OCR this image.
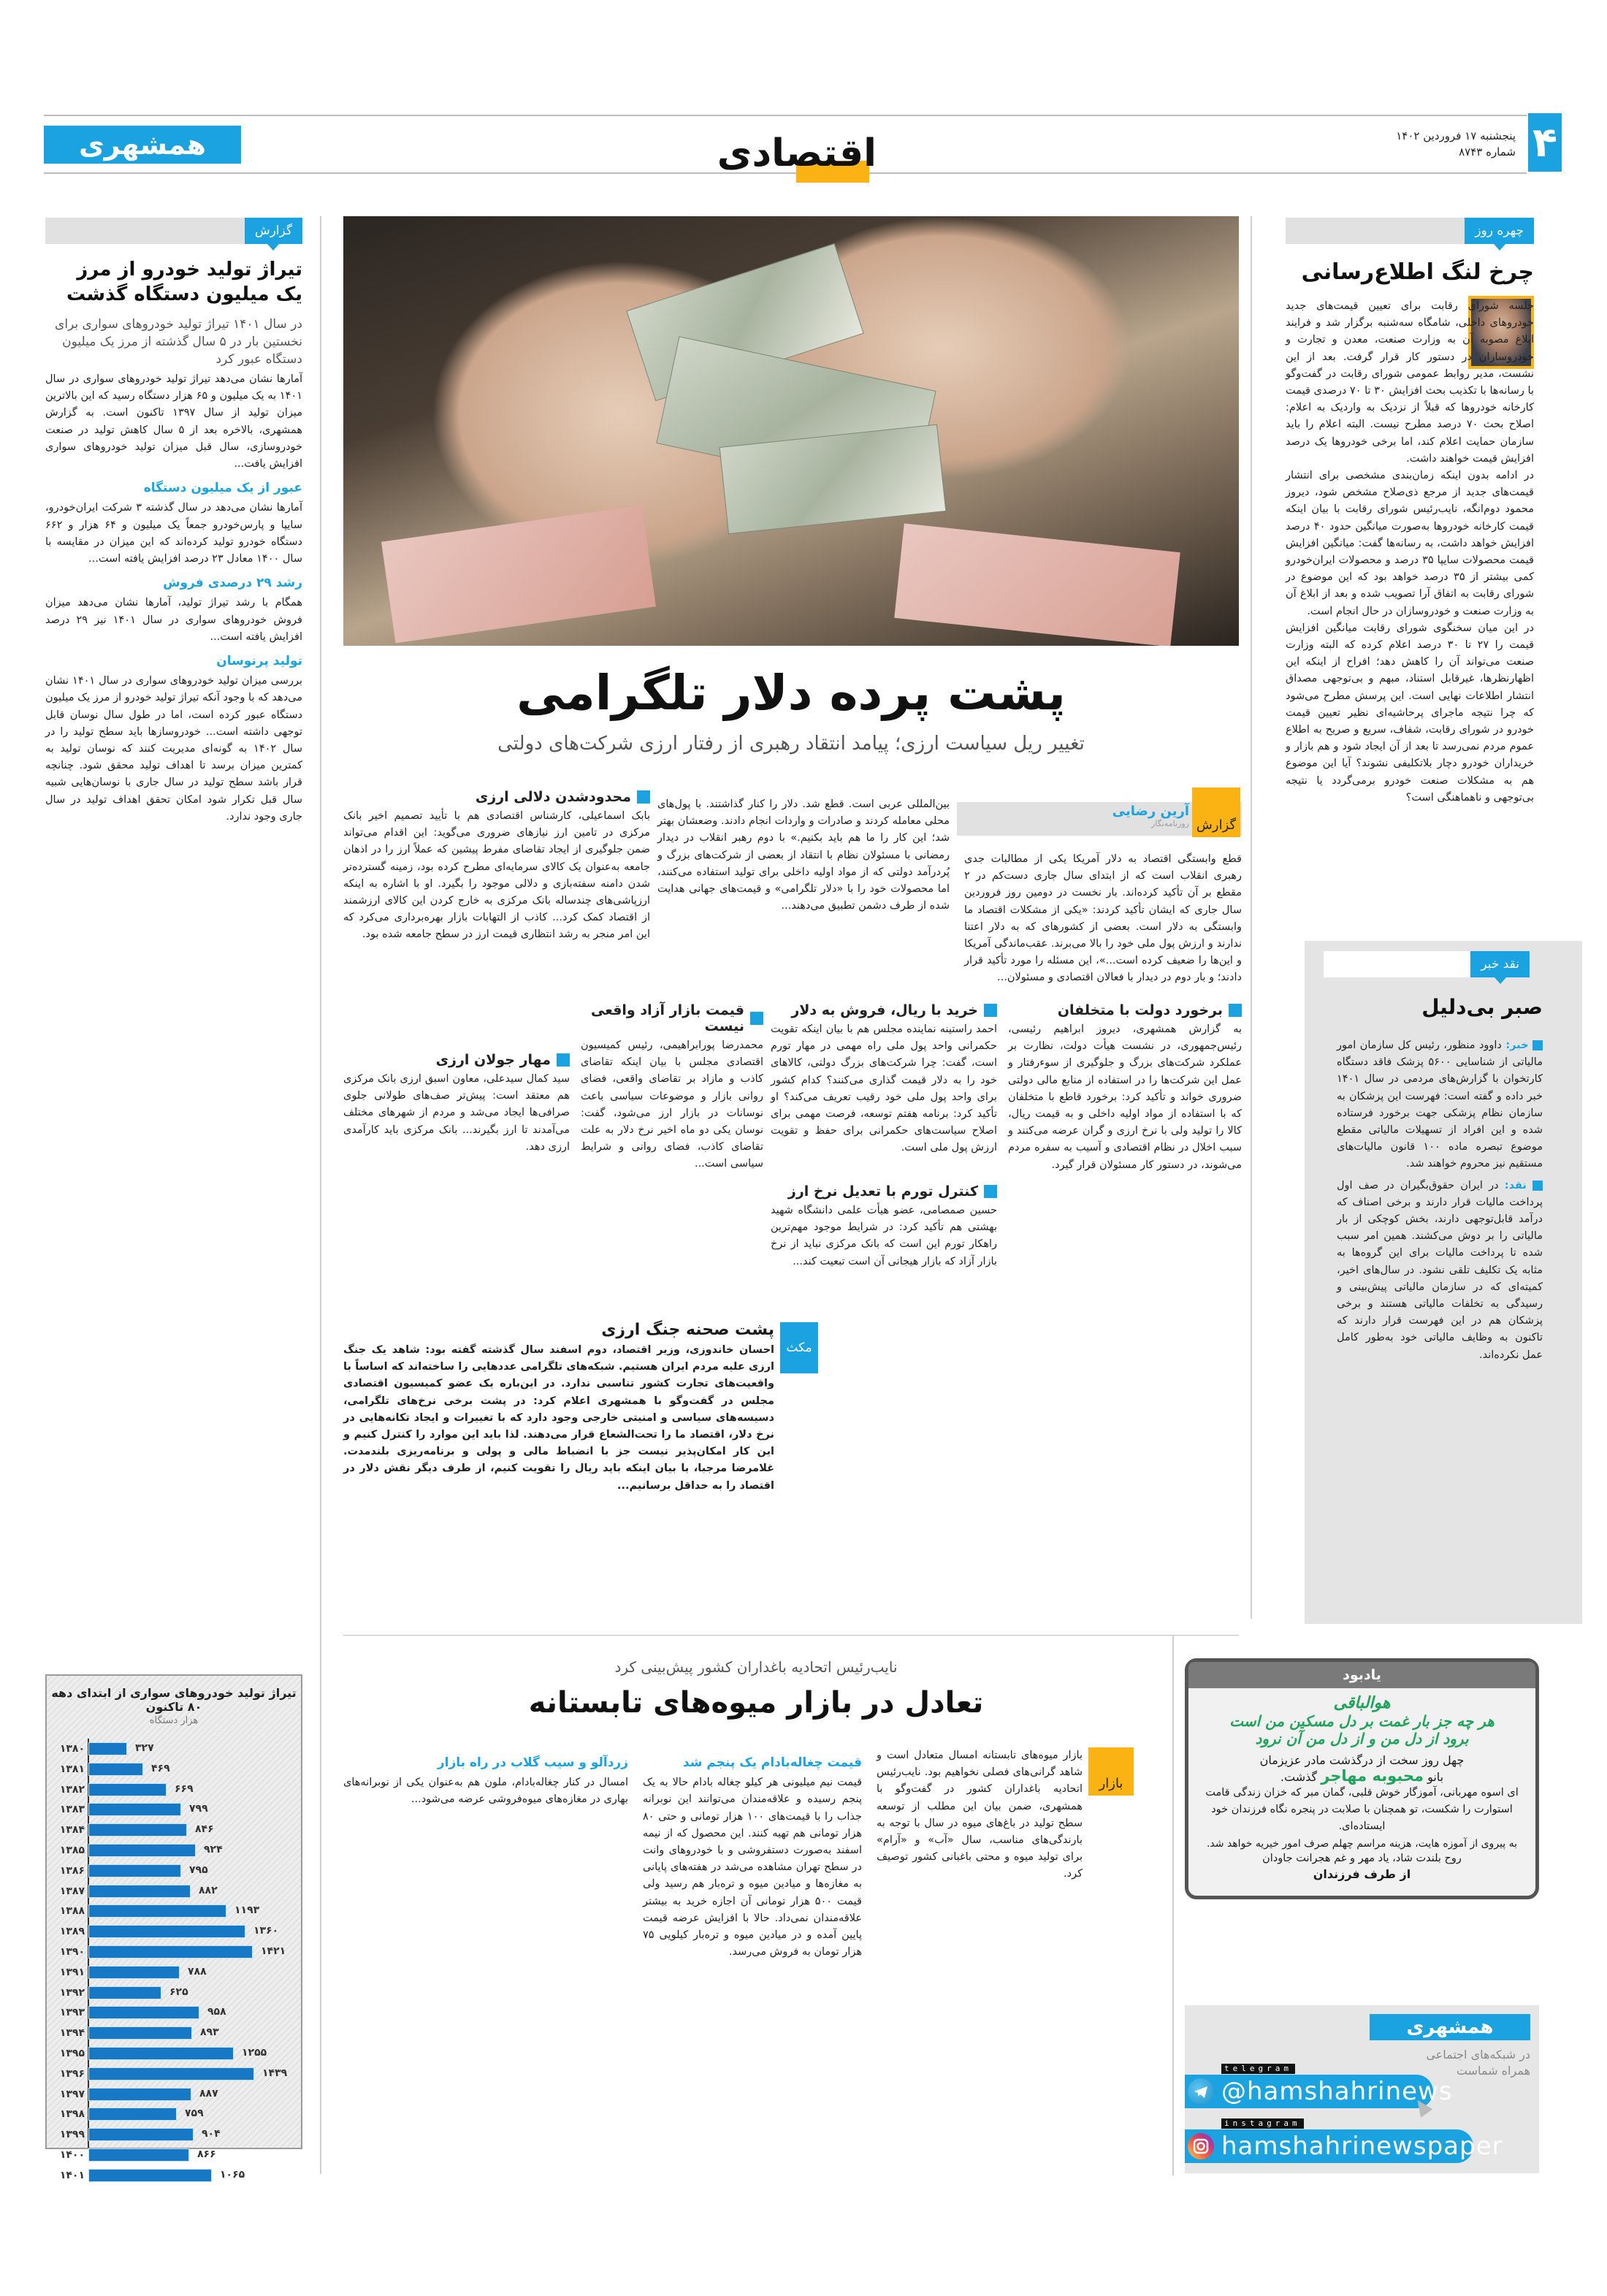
۴
پنجشنبه ۱۷ فروردین ۱۴۰۲
شماره ۸۷۴۳
اقتصادی
همشهری
چهره روز
چرخ لنگ اطلاع‌رسانی

جلسه شورای رقابت برای تعیین قیمت‌های جدید خودروهای داخلی، شامگاه سه‌شنبه برگزار شد و فرایند ابلاغ مصوبه آن به وزارت صنعت، معدن و تجارت و خودروسازان در دستور کار قرار گرفت. بعد از این نشست، مدیر روابط عمومی شورای رقابت در گفت‌وگو با رسانه‌ها با تکذیب بحث افزایش ۳۰ تا ۷۰ درصدی قیمت کارخانه خودروها که قبلاً از نزدیک به واردیک به اعلام: اصلاح بحث ۷۰ درصد مطرح نیست. البته اعلام را باید سازمان حمایت اعلام کند، اما برخی خودروها یک درصد افزایش قیمت خواهند داشت.

در ادامه بدون اینکه زمان‌بندی مشخصی برای انتشار قیمت‌های جدید از مرجع ذی‌صلاح مشخص شود، دیروز محمود دوم‌انگه، نایب‌رئیس شورای رقابت با بیان اینکه قیمت کارخانه خودروها به‌صورت میانگین حدود ۴۰ درصد افزایش خواهد داشت، به رسانه‌ها گفت: میانگین افزایش قیمت محصولات سایپا ۳۵ درصد و محصولات ایران‌خودرو کمی بیشتر از ۳۵ درصد خواهد بود که این موضوع در شورای رقابت به اتفاق آرا تصویب شده و بعد از ابلاغ آن به وزارت صنعت و خودروسازان در حال انجام است.

در این میان سخنگوی شورای رقابت میانگین افزایش قیمت را ۲۷ تا ۳۰ درصد اعلام کرده که البته وزارت صنعت می‌تواند آن را کاهش دهد؛ افراح از اینکه این اظهارنظرها، غیرقابل استناد، مبهم و بی‌توجهی مصداق انتشار اطلاعات نهایی است. این پرسش مطرح می‌شود که چرا نتیجه ماجرای پرحاشیه‌ای نظیر تعیین قیمت خودرو در شورای رقابت، شفاف، سریع و صریح به اطلاع عموم مردم نمی‌رسد تا بعد از آن ایجاد شود و هم بازار و خریداران خودرو دچار بلاتکلیفی نشوند؟ آیا این موضوع هم به مشکلات صنعت خودرو برمی‌گردد یا نتیجه بی‌توجهی و ناهماهنگی است؟

نقد خبر
صبر بی‌دلیل

خبر: داوود منظور، رئیس کل سازمان امور مالیاتی از شناسایی ۵۶۰۰ پزشک فاقد دستگاه کارتخوان با گزارش‌های مردمی در سال ۱۴۰۱ خبر داده و گفته است: فهرست این پزشکان به سازمان نظام پزشکی جهت برخورد فرستاده شده و این افراد از تسهیلات مالیاتی مقطع موضوع تبصره ماده ۱۰۰ قانون مالیات‌های مستقیم نیز محروم خواهند شد.

نقد: در ایران حقوق‌بگیران در صف اول پرداخت مالیات قرار دارند و برخی اصناف که درآمد قابل‌توجهی دارند، بخش کوچکی از بار مالیاتی را بر دوش می‌کشند. همین امر سبب شده تا پرداخت مالیات برای این گروه‌ها به مثابه یک تکلیف تلقی نشود. در سال‌های اخیر، کمیته‌ای که در سازمان مالیاتی پیش‌بینی و رسیدگی به تخلفات مالیاتی هستند و برخی پزشکان هم در این فهرست قرار دارند که تاکنون به وظایف مالیاتی خود به‌طور کامل عمل نکرده‌اند.

پشت پرده دلار تلگرامی
تغییر ریل سیاست ارزی؛ پیامد انتقاد رهبری از رفتار ارزی شرکت‌های دولتی
گزارش
آرین رضایی
روزنامه‌نگار
قطع وابستگی اقتصاد به دلار آمریکا یکی از مطالبات جدی رهبری انقلاب است که از ابتدای سال جاری دست‌کم در ۲ مقطع بر آن تأکید کرده‌اند. بار نخست در دومین روز فروردین سال جاری که ایشان تأکید کردند: «یکی از مشکلات اقتصاد ما وابستگی به دلار است. بعضی از کشورهای که به دلار اعتنا ندارند و ارزش پول ملی خود را بالا می‌برند. عقب‌ماندگی آمریکا و این‌ها را ضعیف کرده است...»، این مسئله را مورد تأکید قرار دادند؛ و بار دوم در دیدار با فعالان اقتصادی و مسئولان...
بین‌المللی عربی است. قطع شد. دلار را کنار گذاشتند. با پول‌های محلی معامله کردند و صادرات و واردات انجام دادند. وضعشان بهتر شد؛ این کار را ما هم باید بکنیم.» با دوم رهبر انقلاب در دیدار رمضانی با مسئولان نظام با انتقاد از بعضی از شرکت‌های بزرگ و پُردرآمد دولتی که از مواد اولیه داخلی برای تولید استفاده می‌کنند، اما محصولات خود را با «دلار تلگرامی» و قیمت‌های جهانی هدایت شده از طرف دشمن تطبیق می‌دهند...
محدودشدن دلالی ارزی
بابک اسماعیلی، کارشناس اقتصادی هم با تأیید تصمیم اخیر بانک مرکزی در تامین ارز نیازهای ضروری می‌گوید: این اقدام می‌تواند ضمن جلوگیری از ایجاد تقاضای مفرط پیشین که عملاً ارز را در اذهان جامعه به‌عنوان یک کالای سرمایه‌ای مطرح کرده بود، زمینه گسترده‌تر شدن دامنه سفته‌بازی و دلالی موجود را بگیرد. او با اشاره به اینکه ارزپاشی‌های چندساله بانک مرکزی به خارج کردن این کالای ارزشمند از اقتصاد کمک کرد... کاذب از التهابات بازار بهره‌برداری می‌کرد که این امر منجر به رشد انتظاری قیمت ارز در سطح جامعه شده بود.
برخورد دولت با متخلفان
به گزارش همشهری، دیروز ابراهیم رئیسی، رئیس‌جمهوری، در نشست هیأت دولت، نظارت بر عملکرد شرکت‌های بزرگ و جلوگیری از سوءرفتار و عمل این شرکت‌ها را در استفاده از منابع مالی دولتی ضروری خواند و تأکید کرد: برخورد قاطع با متخلفان که با استفاده از مواد اولیه داخلی و به قیمت ریال، کالا را تولید ولی با نرخ ارزی و گران عرضه می‌کنند و سبب اخلال در نظام اقتصادی و آسیب به سفره مردم می‌شوند، در دستور کار مسئولان قرار گیرد.
خرید با ریال، فروش به دلار
احمد راستینه نماینده مجلس هم با بیان اینکه تقویت حکمرانی واحد پول ملی راه مهمی در مهار تورم است، گفت: چرا شرکت‌های بزرگ دولتی، کالاهای خود را به دلار قیمت گذاری می‌کنند؟ کدام کشور برای واحد پول ملی خود رقیب تعریف می‌کند؟ او تأکید کرد: برنامه هفتم توسعه، فرصت مهمی برای اصلاح سیاست‌های حکمرانی برای حفظ و تقویت ارزش پول ملی است.
کنترل تورم با تعدیل نرخ ارز
حسین صمصامی، عضو هیأت علمی دانشگاه شهید بهشتی هم تأکید کرد: در شرایط موجود مهم‌ترین راهکار تورم این است که بانک مرکزی نباید از نرخ بازار آزاد که بازار هیجانی آن است تبعیت کند...
قیمت بازار آزاد واقعی نیست
محمدرضا پورابراهیمی، رئیس کمیسیون اقتصادی مجلس با بیان اینکه تقاضای کاذب و مازاد بر تقاضای واقعی، فضای روانی بازار و موضوعات سیاسی باعث نوسانات در بازار ارز می‌شود، گفت: نوسان یکی دو ماه اخیر نرخ دلار به علت تقاضای کاذب، فضای روانی و شرایط سیاسی است...
مهار جولان ارزی
سید کمال سیدعلی، معاون اسبق ارزی بانک مرکزی هم معتقد است: پیش‌تر صف‌های طولانی جلوی صرافی‌ها ایجاد می‌شد و مردم از شهرهای مختلف می‌آمدند تا ارز بگیرند... بانک مرکزی باید کارآمدی ارزی دهد.
مکث
پشت صحنه جنگ ارزی
احسان خاندوزی، وزیر اقتصاد، دوم اسفند سال گذشته گفته بود: شاهد یک جنگ ارزی علیه مردم ایران هستیم. شبکه‌های تلگرامی عددهایی را ساخته‌اند که اساساً با واقعیت‌های تجارت کشور تناسبی ندارد. در این‌باره یک عضو کمیسیون اقتصادی مجلس در گفت‌وگو با همشهری اعلام کرد: در پشت برخی نرخ‌های تلگرامی، دسیسه‌های سیاسی و امنیتی خارجی وجود دارد که با تغییرات و ایجاد تکانه‌هایی در نرخ دلار، اقتصاد ما را تحت‌الشعاع قرار می‌دهند. لذا باید این موارد را کنترل کنیم و این کار امکان‌پذیر نیست جز با انضباط مالی و پولی و برنامه‌ریزی بلندمدت. غلامرضا مرجبا، با بیان اینکه باید ریال را تقویت کنیم، از طرف دیگر نقش دلار در اقتصاد را به حداقل برسانیم...
گزارش
تیراژ تولید خودرو از مرز یک میلیون دستگاه گذشت
در سال ۱۴۰۱ تیراژ تولید خودروهای سواری برای نخستین بار در ۵ سال گذشته از مرز یک میلیون دستگاه عبور کرد

آمارها نشان می‌دهد تیراژ تولید خودروهای سواری در سال ۱۴۰۱ به یک میلیون و ۶۵ هزار دستگاه رسید که این بالاترین میزان تولید از سال ۱۳۹۷ تاکنون است. به گزارش همشهری، بالاخره بعد از ۵ سال کاهش تولید در صنعت خودروسازی، سال قبل میزان تولید خودروهای سواری افزایش یافت...

عبور از یک میلیون دستگاه

آمارها نشان می‌دهد در سال گذشته ۳ شرکت ایران‌خودرو، سایپا و پارس‌خودرو جمعاً یک میلیون و ۶۴ هزار و ۶۶۲ دستگاه خودرو تولید کرده‌اند که این میزان در مقایسه با سال ۱۴۰۰ معادل ۲۳ درصد افزایش یافته است...

رشد ۲۹ درصدی فروش

همگام با رشد تیراژ تولید، آمارها نشان می‌دهد میزان فروش خودروهای سواری در سال ۱۴۰۱ نیز ۲۹ درصد افزایش یافته است...

تولید پرنوسان

بررسی میزان تولید خودروهای سواری در سال ۱۴۰۱ نشان می‌دهد که با وجود آنکه تیراژ تولید خودرو از مرز یک میلیون دستگاه عبور کرده است، اما در طول سال نوسان قابل توجهی داشته است... خودروسازها باید سطح تولید را در سال ۱۴۰۲ به گونه‌ای مدیریت کنند که نوسان تولید به کمترین میزان برسد تا اهداف تولید محقق شود. چنانچه قرار باشد سطح تولید در سال جاری با نوسان‌هایی شبیه سال قبل تکرار شود امکان تحقق اهداف تولید در سال جاری وجود ندارد.

تیراژ تولید خودروهای سواری از ابتدای دهه ۸۰ تاکنون
هزار دستگاه
۱۳۸۰	۳۲۷
۱۳۸۱	۴۶۹
۱۳۸۲	۶۶۹
۱۳۸۳	۷۹۹
۱۳۸۴	۸۴۶
۱۳۸۵	۹۲۴
۱۳۸۶	۷۹۵
۱۳۸۷	۸۸۲
۱۳۸۸	۱۱۹۳
۱۳۸۹	۱۳۶۰
۱۳۹۰	۱۴۲۱
۱۳۹۱	۷۸۸
۱۳۹۲	۶۲۵
۱۳۹۳	۹۵۸
۱۳۹۴	۸۹۳
۱۳۹۵	۱۲۵۵
۱۳۹۶	۱۴۳۹
۱۳۹۷	۸۸۷
۱۳۹۸	۷۵۹
۱۳۹۹	۹۰۴
۱۴۰۰	۸۶۶
۱۴۰۱	۱۰۶۵
نایب‌رئیس اتحادیه باغداران کشور پیش‌بینی کرد
تعادل در بازار میوه‌های تابستانه
بازار

بازار میوه‌های تابستانه امسال متعادل است و شاهد گرانی‌های فصلی نخواهیم بود. نایب‌رئیس اتحادیه باغداران کشور در گفت‌وگو با همشهری، ضمن بیان این مطلب از توسعه سطح تولید در باغ‌های میوه در سال با توجه به بارندگی‌های مناسب، سال «آب» و «آرام» برای تولید میوه و محتی باغبانی کشور توصیف کرد.

قیمت چغاله‌بادام یک پنجم شد

قیمت نیم میلیونی هر کیلو چغاله بادام حالا به یک پنجم رسیده و علاقه‌مندان می‌توانند این نوبرانه جذاب را با قیمت‌های ۱۰۰ هزار تومانی و حتی ۸۰ هزار تومانی هم تهیه کنند. این محصول که از نیمه اسفند به‌صورت دستفروشی و با خودروهای وانت در سطح تهران مشاهده می‌شد در هفته‌های پایانی به مغازه‌ها و میادین میوه و تره‌بار هم رسید ولی قیمت ۵۰۰ هزار تومانی آن اجازه خرید به بیشتر علاقه‌مندان نمی‌داد. حالا با افزایش عرضه قیمت پایین آمده و در میادین میوه و تره‌بار کیلویی ۷۵ هزار تومان به فروش می‌رسد.

زردآلو و سیب گلاب در راه بازار

امسال در کنار چغاله‌بادام، ملون هم به‌عنوان یکی از نوبرانه‌های بهاری در مغازه‌های میوه‌فروشی عرضه می‌شود...

یادبود
هوالباقی
هر چه جز بار غمت بر دل مسکین من است
برود از دل من و از دل من آن نرود
چهل روز سخت از درگذشت مادر عزیزمان
بانو محبوبه مهاجر گذشت.
ای اسوه مهربانی، آموزگار خوش قلبی، گمان مبر که خزان زندگی قامت استوارت را شکست، تو همچنان با صلابت در پنجره نگاه فرزندان خود ایستاده‌ای.
به پیروی از آموزه هایت، هزینه مراسم چهلم صرف امور خیریه خواهد شد.
روح بلندت شاد، یاد مهر و غم هجرانت جاودان
از طرف فرزندان
همشهری
در شبکه‌های اجتماعی
همراه شماست
telegram
@hamshahrinews
instagram
hamshahrinewspaper
